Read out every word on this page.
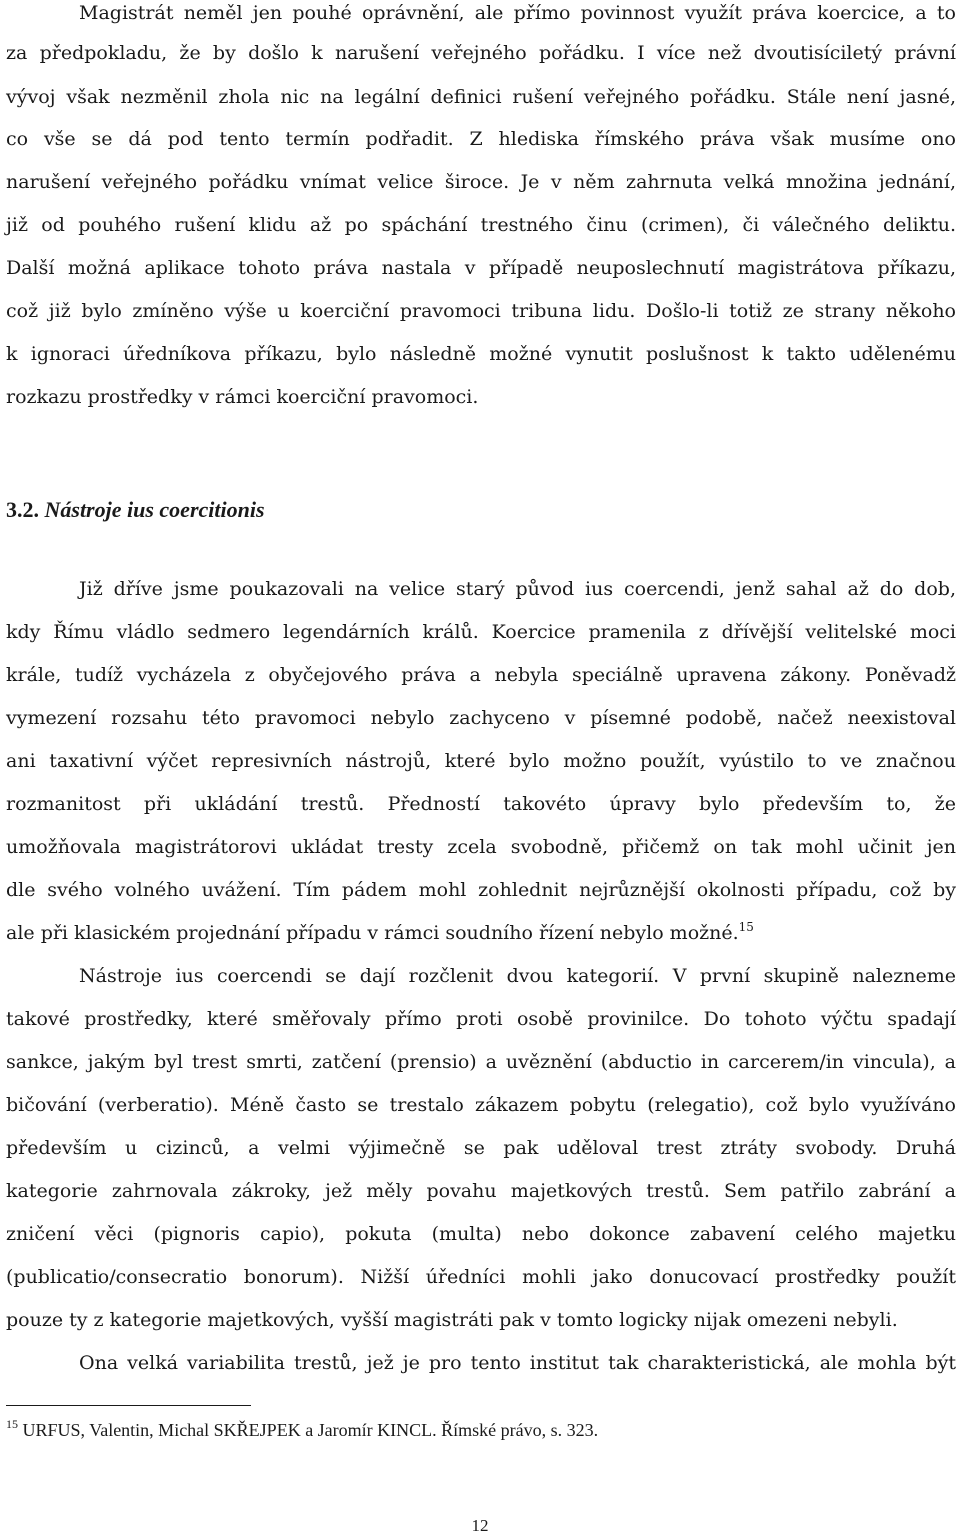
Magistrát neměl jen pouhé oprávnění, ale přímo povinnost využít práva koercice, a to
za předpokladu, že by došlo k narušení veřejného pořádku. I více než dvoutisíciletý právní
vývoj však nezměnil zhola nic na legální definici rušení veřejného pořádku. Stále není jasné,
co vše se dá pod tento termín podřadit. Z hlediska římského práva však musíme ono
narušení veřejného pořádku vnímat velice široce. Je v něm zahrnuta velká množina jednání,
již od pouhého rušení klidu až po spáchání trestného činu (crimen), či válečného deliktu.
Další možná aplikace tohoto práva nastala v případě neuposlechnutí magistrátova příkazu,
což již bylo zmíněno výše u koerciční pravomoci tribuna lidu. Došlo-li totiž ze strany někoho
k ignoraci úředníkova příkazu, bylo následně možné vynutit poslušnost k takto udělenému
rozkazu prostředky v rámci koerciční pravomoci.
3.2. Nástroje ius coercitionis
Již dříve jsme poukazovali na velice starý původ ius coercendi, jenž sahal až do dob,
kdy Římu vládlo sedmero legendárních králů. Koercice pramenila z dřívější velitelské moci
krále, tudíž vycházela z obyčejového práva a nebyla speciálně upravena zákony. Poněvadž
vymezení rozsahu této pravomoci nebylo zachyceno v písemné podobě, načež neexistoval
ani taxativní výčet represivních nástrojů, které bylo možno použít, vyústilo to ve značnou
rozmanitost při ukládání trestů. Předností takovéto úpravy bylo především to, že
umožňovala magistrátorovi ukládat tresty zcela svobodně, přičemž on tak mohl učinit jen
dle svého volného uvážení. Tím pádem mohl zohlednit nejrůznější okolnosti případu, což by
ale při klasickém projednání případu v rámci soudního řízení nebylo možné.$^{15}$
Nástroje ius coercendi se dají rozčlenit dvou kategorií. V první skupině nalezneme
takové prostředky, které směřovaly přímo proti osobě provinilce. Do tohoto výčtu spadají
sankce, jakým byl trest smrti, zatčení (prensio) a uvěznění (abductio in carcerem/in vincula), a
bičování (verberatio). Méně často se trestalo zákazem pobytu (relegatio), což bylo využíváno
především u cizinců, a velmi výjimečně se pak uděloval trest ztráty svobody. Druhá
kategorie zahrnovala zákroky, jež měly povahu majetkových trestů. Sem patřilo zabrání a
zničení věci (pignoris capio), pokuta (multa) nebo dokonce zabavení celého majetku
(publicatio/consecratio bonorum). Nižší úředníci mohli jako donucovací prostředky použít
pouze ty z kategorie majetkových, vyšší magistráti pak v tomto logicky nijak omezeni nebyli.
Ona velká variabilita trestů, jež je pro tento institut tak charakteristická, ale mohla být
$^{15}$ URFUS, Valentin, Michal SKŘEJPEK a Jaromír KINCL. Římské právo, s. 323.
12
